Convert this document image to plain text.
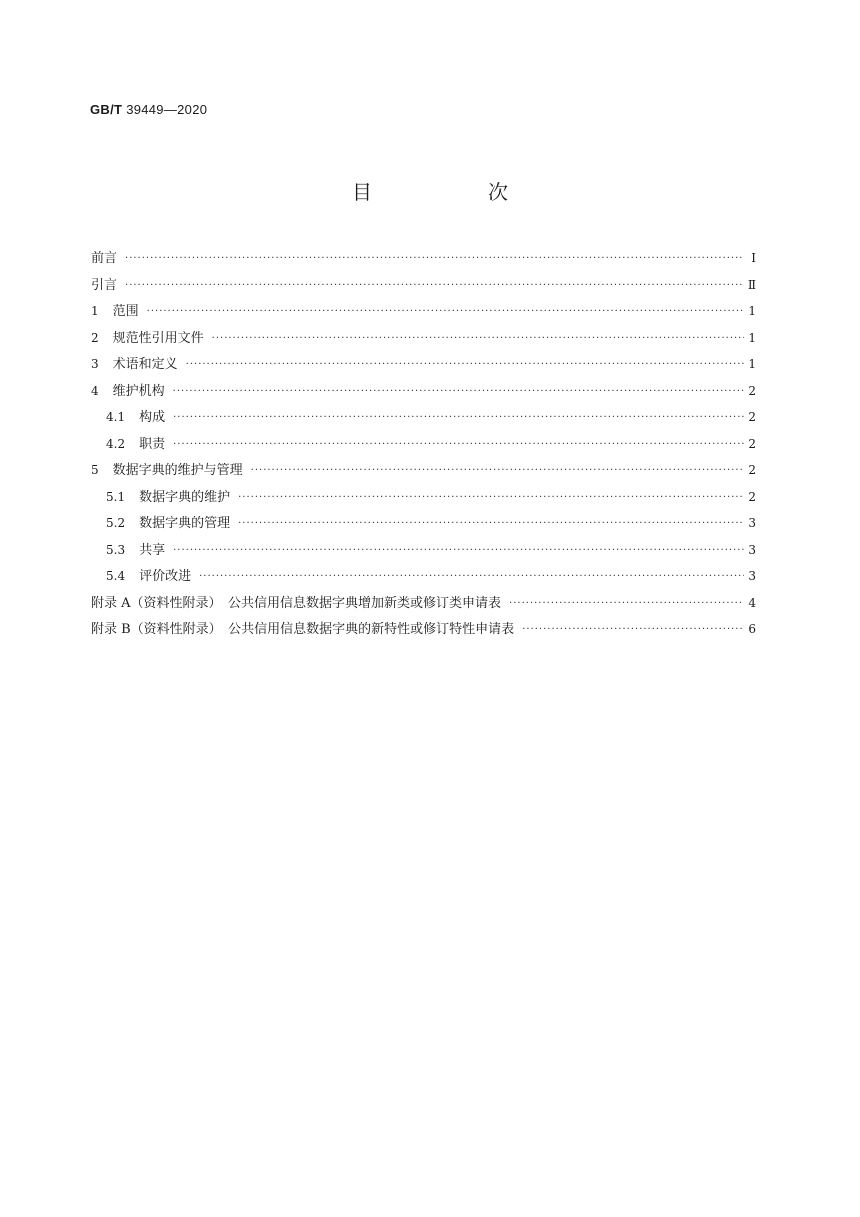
GB/T 39449—2020
目　次
前言 ·····	Ⅰ
引言 ·····	Ⅱ
1 范围 ·····	1
2 规范性引用文件 ·····	1
3 术语和定义 ·····	1
4 维护机构 ·····	2
4.1 构成 ·····	2
4.2 职责 ·····	2
5 数据字典的维护与管理 ·····	2
5.1 数据字典的维护 ·····	2
5.2 数据字典的管理 ·····	3
5.3 共享 ·····	3
5.4 评价改进 ·····	3
附录 A（资料性附录）　公共信用信息数据字典增加新类或修订类申请表 ·····	4
附录 B（资料性附录）　公共信用信息数据字典的新特性或修订特性申请表 ·····	6
